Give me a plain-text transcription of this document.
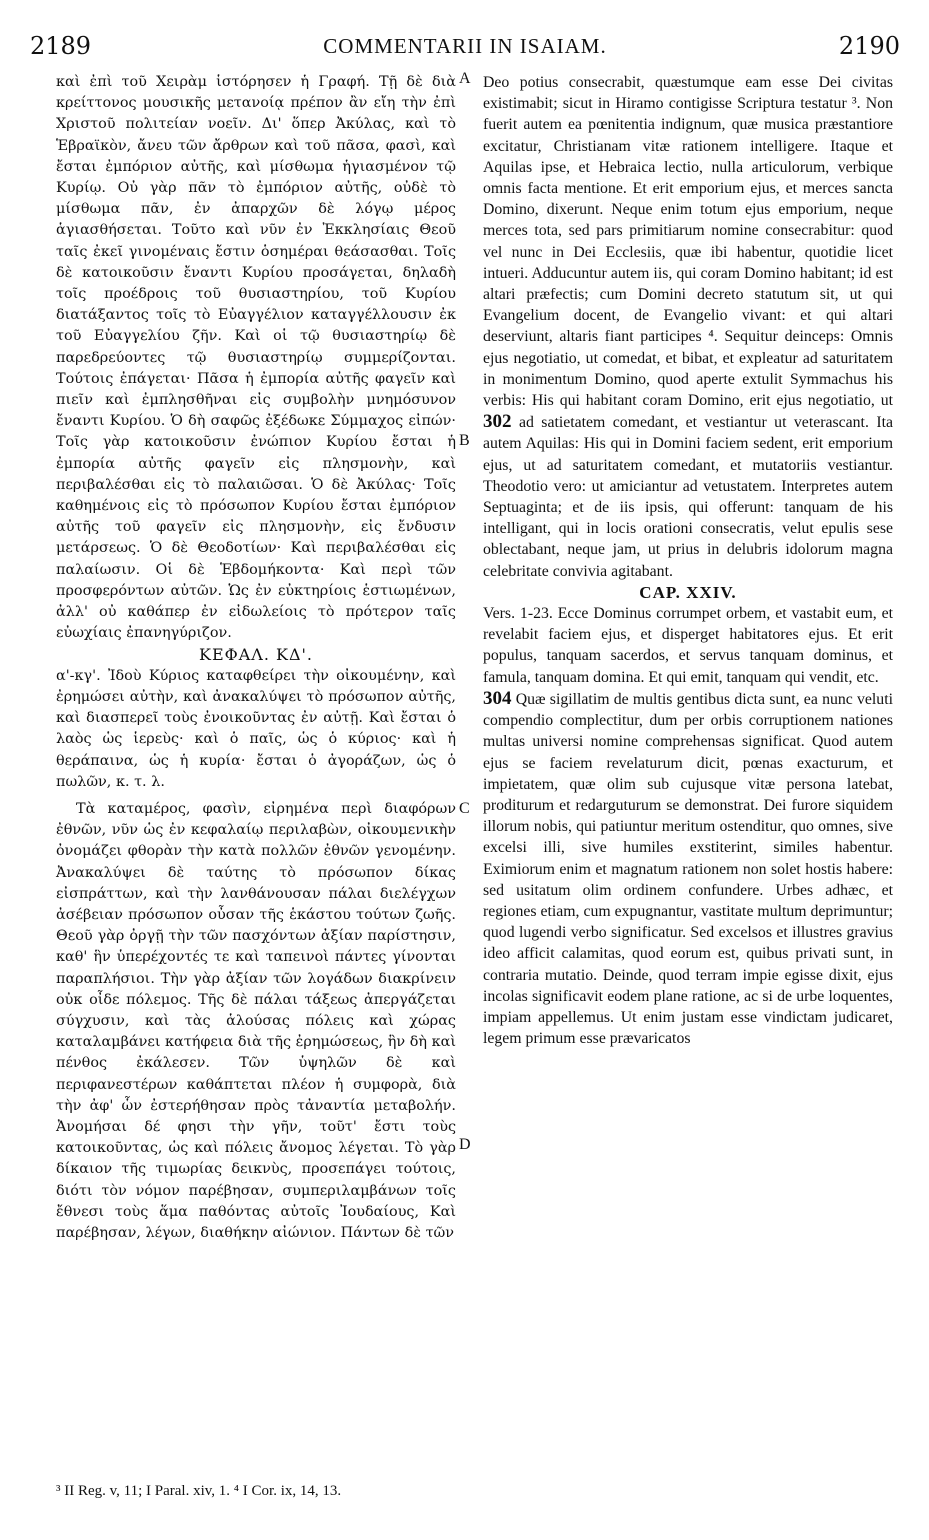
2189	COMMENTARII IN ISAIAM.	2190
A
B
C
D

καὶ ἐπὶ τοῦ Χειρὰμ ἱστόρησεν ἡ Γραφή. Τῇ δὲ διὰ κρείττονος μουσικῆς μετανοίᾳ πρέπον ἂν εἴη τὴν ἐπὶ Χριστοῦ πολιτείαν νοεῖν. Δι' ὅπερ Ἀκύλας, καὶ τὸ Ἑβραϊκὸν, ἄνευ τῶν ἄρθρων καὶ τοῦ πᾶσα, φασὶ, καὶ ἔσται ἐμπόριον αὐτῆς, καὶ μίσθωμα ἡγιασμένον τῷ Κυρίῳ. Οὐ γὰρ πᾶν τὸ ἐμπόριον αὐτῆς, οὐδὲ τὸ μίσθωμα πᾶν, ἐν ἀπαρχῶν δὲ λόγῳ μέρος ἁγιασθήσεται. Τοῦτο καὶ νῦν ἐν Ἐκκλησίαις Θεοῦ ταῖς ἐκεῖ γινομέναις ἔστιν ὁσημέραι θεάσασθαι. Τοῖς δὲ κατοικοῦσιν ἔναντι Κυρίου προσάγεται, δηλαδὴ τοῖς προέδροις τοῦ θυσιαστηρίου, τοῦ Κυρίου διατάξαντος τοῖς τὸ Εὐαγγέλιον καταγγέλλουσιν ἐκ τοῦ Εὐαγγελίου ζῆν. Καὶ οἱ τῷ θυσιαστηρίῳ δὲ παρεδρεύοντες τῷ θυσιαστηρίῳ συμμερίζονται. Τούτοις ἐπάγεται· Πᾶσα ἡ ἐμπορία αὐτῆς φαγεῖν καὶ πιεῖν καὶ ἐμπλησθῆναι εἰς συμβολὴν μνημόσυνον ἔναντι Κυρίου. Ὁ δὴ σαφῶς ἐξέδωκε Σύμμαχος εἰπών· Τοῖς γὰρ κατοικοῦσιν ἐνώπιον Κυρίου ἔσται ἡ ἐμπορία αὐτῆς φαγεῖν εἰς πλησμονὴν, καὶ περιβαλέσθαι εἰς τὸ παλαιῶσαι. Ὁ δὲ Ἀκύλας· Τοῖς καθημένοις εἰς τὸ πρόσωπον Κυρίου ἔσται ἐμπόριον αὐτῆς τοῦ φαγεῖν εἰς πλησμονὴν, εἰς ἔνδυσιν μετάρσεως. Ὁ δὲ Θεοδοτίων· Καὶ περιβαλέσθαι εἰς παλαίωσιν. Οἱ δὲ Ἑβδομήκοντα· Καὶ περὶ τῶν προσφερόντων αὐτῶν. Ὡς ἐν εὐκτηρίοις ἑστιωμένων, ἀλλ' οὐ καθάπερ ἐν εἰδωλείοις τὸ πρότερον ταῖς εὐωχίαις ἐπανηγύριζον.

ΚΕΦΑΛ. ΚΔ'.

α'-κγ'. Ἰδοὺ Κύριος καταφθείρει τὴν οἰκουμένην, καὶ ἐρημώσει αὐτὴν, καὶ ἀνακαλύψει τὸ πρόσωπον αὐτῆς, καὶ διασπερεῖ τοὺς ἐνοικοῦντας ἐν αὐτῇ. Καὶ ἔσται ὁ λαὸς ὡς ἱερεὺς· καὶ ὁ παῖς, ὡς ὁ κύριος· καὶ ἡ θεράπαινα, ὡς ἡ κυρία· ἔσται ὁ ἀγοράζων, ὡς ὁ πωλῶν, κ. τ. λ.

Τὰ καταμέρος, φασὶν, εἰρημένα περὶ διαφόρων ἐθνῶν, νῦν ὡς ἐν κεφαλαίῳ περιλαβὼν, οἰκουμενικὴν ὀνομάζει φθορὰν τὴν κατὰ πολλῶν ἐθνῶν γενομένην. Ἀνακαλύψει δὲ ταύτης τὸ πρόσωπον δίκας εἰσπράττων, καὶ τὴν λανθάνουσαν πάλαι διελέγχων ἀσέβειαν πρόσωπον οὖσαν τῆς ἑκάστου τούτων ζωῆς. Θεοῦ γὰρ ὀργῇ τὴν τῶν πασχόντων ἀξίαν παρίστησιν, καθ' ἣν ὑπερέχοντές τε καὶ ταπεινοὶ πάντες γίνονται παραπλήσιοι. Τὴν γὰρ ἀξίαν τῶν λογάδων διακρίνειν οὐκ οἶδε πόλεμος. Τῆς δὲ πάλαι τάξεως ἀπεργάζεται σύγχυσιν, καὶ τὰς ἁλούσας πόλεις καὶ χώρας καταλαμβάνει κατήφεια διὰ τῆς ἐρημώσεως, ἣν δὴ καὶ πένθος ἐκάλεσεν. Τῶν ὑψηλῶν δὲ καὶ περιφανεστέρων καθάπτεται πλέον ἡ συμφορὰ, διὰ τὴν ἀφ' ὧν ἐστερήθησαν πρὸς τἀναντία μεταβολήν. Ἀνομήσαι δέ φησι τὴν γῆν, τοῦτ' ἔστι τοὺς κατοικοῦντας, ὡς καὶ πόλεις ἄνομος λέγεται. Τὸ γὰρ δίκαιον τῆς τιμωρίας δεικνὺς, προσεπάγει τούτοις, διότι τὸν νόμον παρέβησαν, συμπεριλαμβάνων τοῖς ἔθνεσι τοὺς ἅμα παθόντας αὐτοῖς Ἰουδαίους, Καὶ παρέβησαν, λέγων, διαθήκην αἰώνιον. Πάντων δὲ τῶν

Deo potius consecrabit, quæstumque eam esse Dei civitas existimabit; sicut in Hiramo contigisse Scriptura testatur ³. Non fuerit autem ea pœnitentia indignum, quæ musica præstantiore excitatur, Christianam vitæ rationem intelligere. Itaque et Aquilas ipse, et Hebraica lectio, nulla articulorum, verbique omnis facta mentione. Et erit emporium ejus, et merces sancta Domino, dixerunt. Neque enim totum ejus emporium, neque merces tota, sed pars primitiarum nomine consecrabitur: quod vel nunc in Dei Ecclesiis, quæ ibi habentur, quotidie licet intueri. Adducuntur autem iis, qui coram Domino habitant; id est altari præfectis; cum Domini decreto statutum sit, ut qui Evangelium docent, de Evangelio vivant: et qui altari deserviunt, altaris fiant participes ⁴. Sequitur deinceps: Omnis ejus negotiatio, ut comedat, et bibat, et expleatur ad saturitatem in monimentum Domino, quod aperte extulit Symmachus his verbis: His qui habitant coram Domino, erit ejus negotiatio, ut 302 ad satietatem comedant, et vestiantur ut veterascant. Ita autem Aquilas: His qui in Domini faciem sedent, erit emporium ejus, ut ad saturitatem comedant, et mutatoriis vestiantur. Theodotio vero: ut amiciantur ad vetustatem. Interpretes autem Septuaginta; et de iis ipsis, qui offerunt: tanquam de his intelligant, qui in locis orationi consecratis, velut epulis sese oblectabant, neque jam, ut prius in delubris idolorum magna celebritate convivia agitabant.

CAP. XXIV.

Vers. 1-23. Ecce Dominus corrumpet orbem, et vastabit eum, et revelabit faciem ejus, et disperget habitatores ejus. Et erit populus, tanquam sacerdos, et servus tanquam dominus, et famula, tanquam domina. Et qui emit, tanquam qui vendit, etc.

304 Quæ sigillatim de multis gentibus dicta sunt, ea nunc veluti compendio complectitur, dum per orbis corruptionem nationes multas universi nomine comprehensas significat. Quod autem ejus se faciem revelaturum dicit, pœnas exacturum, et impietatem, quæ olim sub cujusque vitæ persona latebat, proditurum et redarguturum se demonstrat. Dei furore siquidem illorum nobis, qui patiuntur meritum ostenditur, quo omnes, sive excelsi illi, sive humiles exstiterint, similes habentur. Eximiorum enim et magnatum rationem non solet hostis habere: sed usitatum olim ordinem confundere. Urbes adhæc, et regiones etiam, cum expugnantur, vastitate multum deprimuntur; quod lugendi verbo significatur. Sed excelsos et illustres gravius ideo afficit calamitas, quod eorum est, quibus privati sunt, in contraria mutatio. Deinde, quod terram impie egisse dixit, ejus incolas significavit eodem plane ratione, ac si de urbe loquentes, impiam appellemus. Ut enim justam esse vindictam judicaret, legem primum esse prævaricatos

³ II Reg. v, 11; I Paral. xiv, 1. ⁴ I Cor. ix, 14, 13.
